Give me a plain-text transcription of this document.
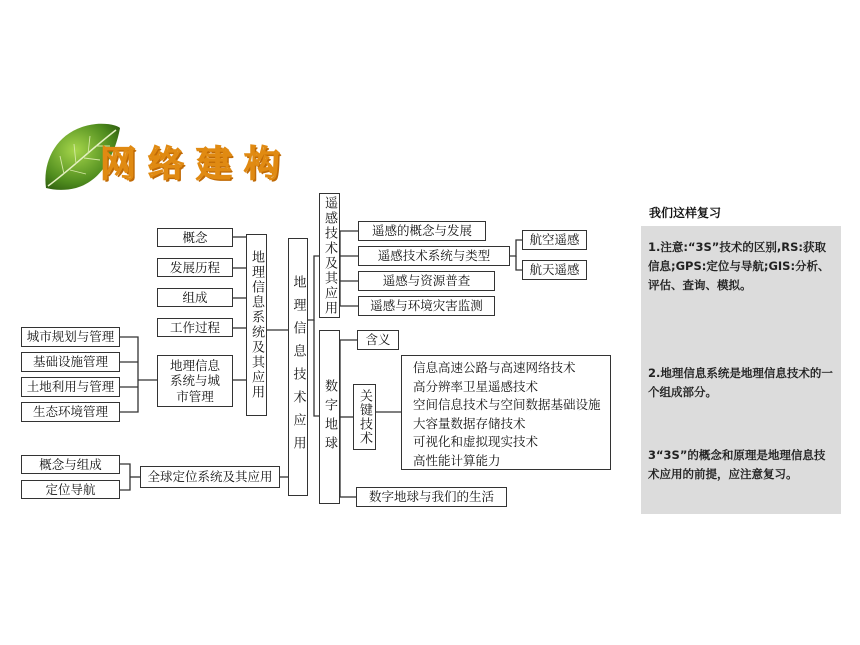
网络建构
概念
发展历程
组成
工作过程
城市规划与管理
基础设施管理
土地利用与管理
生态环境管理
地理信息系统与城市管理	地理信息系统及其应用
概念与组成
定位导航
全球定位系统及其应用
地理信息技术应用
遥感技术及其应用
数字地球
遥感的概念与发展
遥感技术系统与类型
遥感与资源普查
遥感与环境灾害监测
航空遥感
航天遥感
含义
关键技术
信息高速公路与高速网络技术
高分辨率卫星遥感技术
空间信息技术与空间数据基础设施
大容量数据存储技术
可视化和虚拟现实技术
高性能计算能力
数字地球与我们的生活
我们这样复习
1.注意:“3S”技术的区别,RS:获取信息;GPS:定位与导航;GIS:分析、评估、查询、模拟。
2.地理信息系统是地理信息技术的一个组成部分。
3“3S”的概念和原理是地理信息技术应用的前提，应注意复习。
